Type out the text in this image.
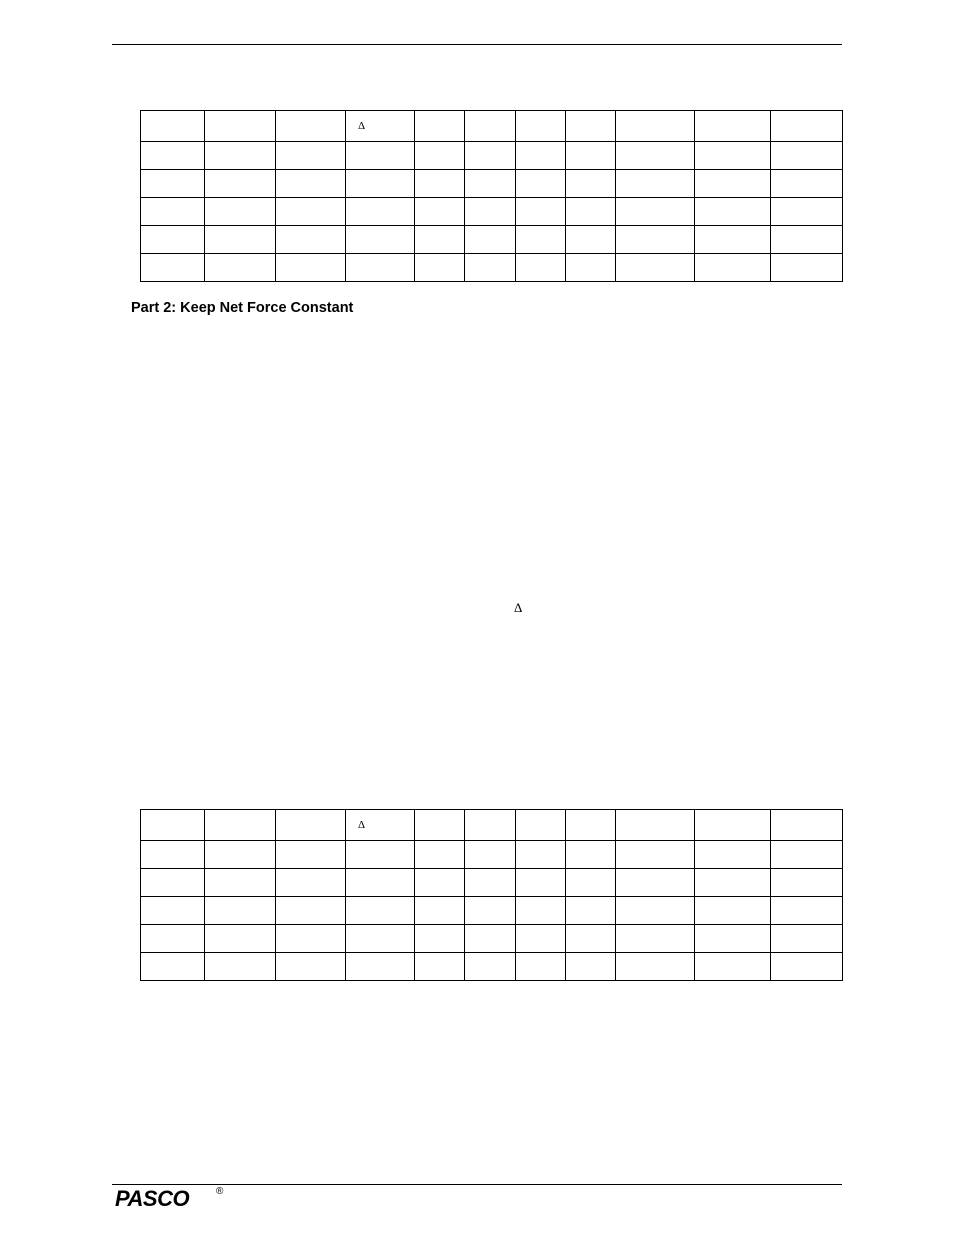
			Δ							

Part 2: Keep Net Force Constant
Δ
			Δ							

PASCO	®
